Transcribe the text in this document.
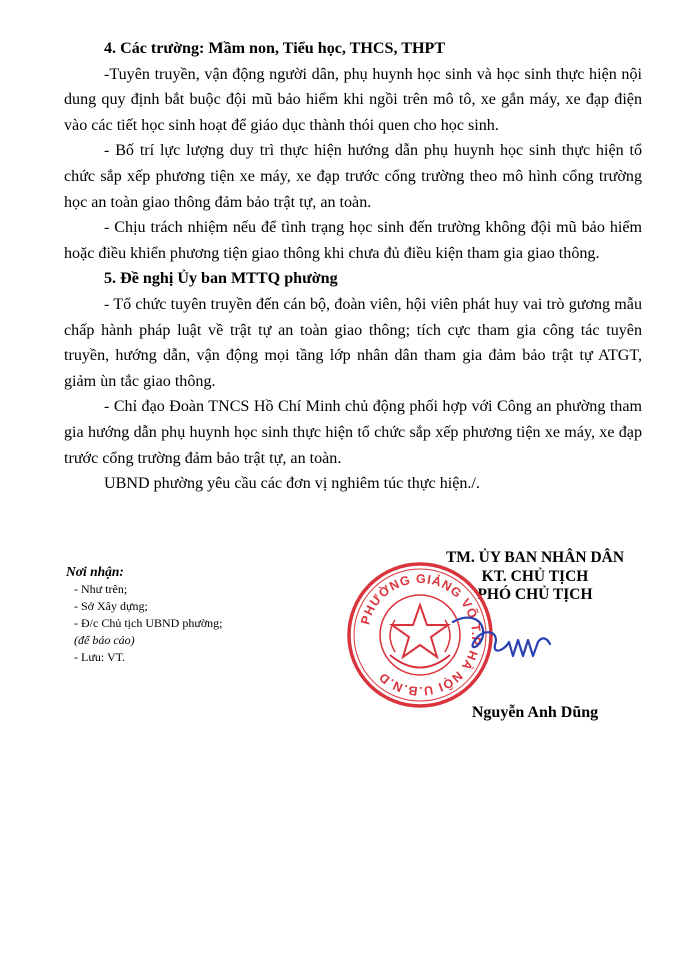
4. Các trường: Mầm non, Tiểu học, THCS, THPT

-Tuyên truyền, vận động người dân, phụ huynh học sinh và học sinh thực hiện nội dung quy định bắt buộc đội mũ bảo hiểm khi ngồi trên mô tô, xe gắn máy, xe đạp điện vào các tiết học sinh hoạt để giáo dục thành thói quen cho học sinh.

- Bố trí lực lượng duy trì thực hiện hướng dẫn phụ huynh học sinh thực hiện tổ chức sắp xếp phương tiện xe máy, xe đạp trước cổng trường theo mô hình cổng trường học an toàn giao thông đảm bảo trật tự, an toàn.

- Chịu trách nhiệm nếu để tình trạng học sinh đến trường không đội mũ bảo hiểm hoặc điều khiển phương tiện giao thông khi chưa đủ điều kiện tham gia giao thông.

5. Đề nghị Ủy ban MTTQ phường

- Tổ chức tuyên truyền đến cán bộ, đoàn viên, hội viên phát huy vai trò gương mẫu chấp hành pháp luật về trật tự an toàn giao thông; tích cực tham gia công tác tuyên truyền, hướng dẫn, vận động mọi tầng lớp nhân dân tham gia đảm bảo trật tự ATGT, giảm ùn tắc giao thông.

- Chỉ đạo Đoàn TNCS Hồ Chí Minh chủ động phối hợp với Công an phường tham gia hướng dẫn phụ huynh học sinh thực hiện tổ chức sắp xếp phương tiện xe máy, xe đạp trước cổng trường đảm bảo trật tự, an toàn.

UBND phường yêu cầu các đơn vị nghiêm túc thực hiện./.

Nơi nhận:
- Như trên;
- Sở Xây dựng;
- Đ/c Chủ tịch UBND phường;
(để báo cáo)
- Lưu: VT.
TM. ỦY BAN NHÂN DÂN
KT. CHỦ TỊCH
PHÓ CHỦ TỊCH
PHƯỜNG GIẢNG VÕ T.P HÀ NỘI U.B.N.D
Nguyễn Anh Dũng
